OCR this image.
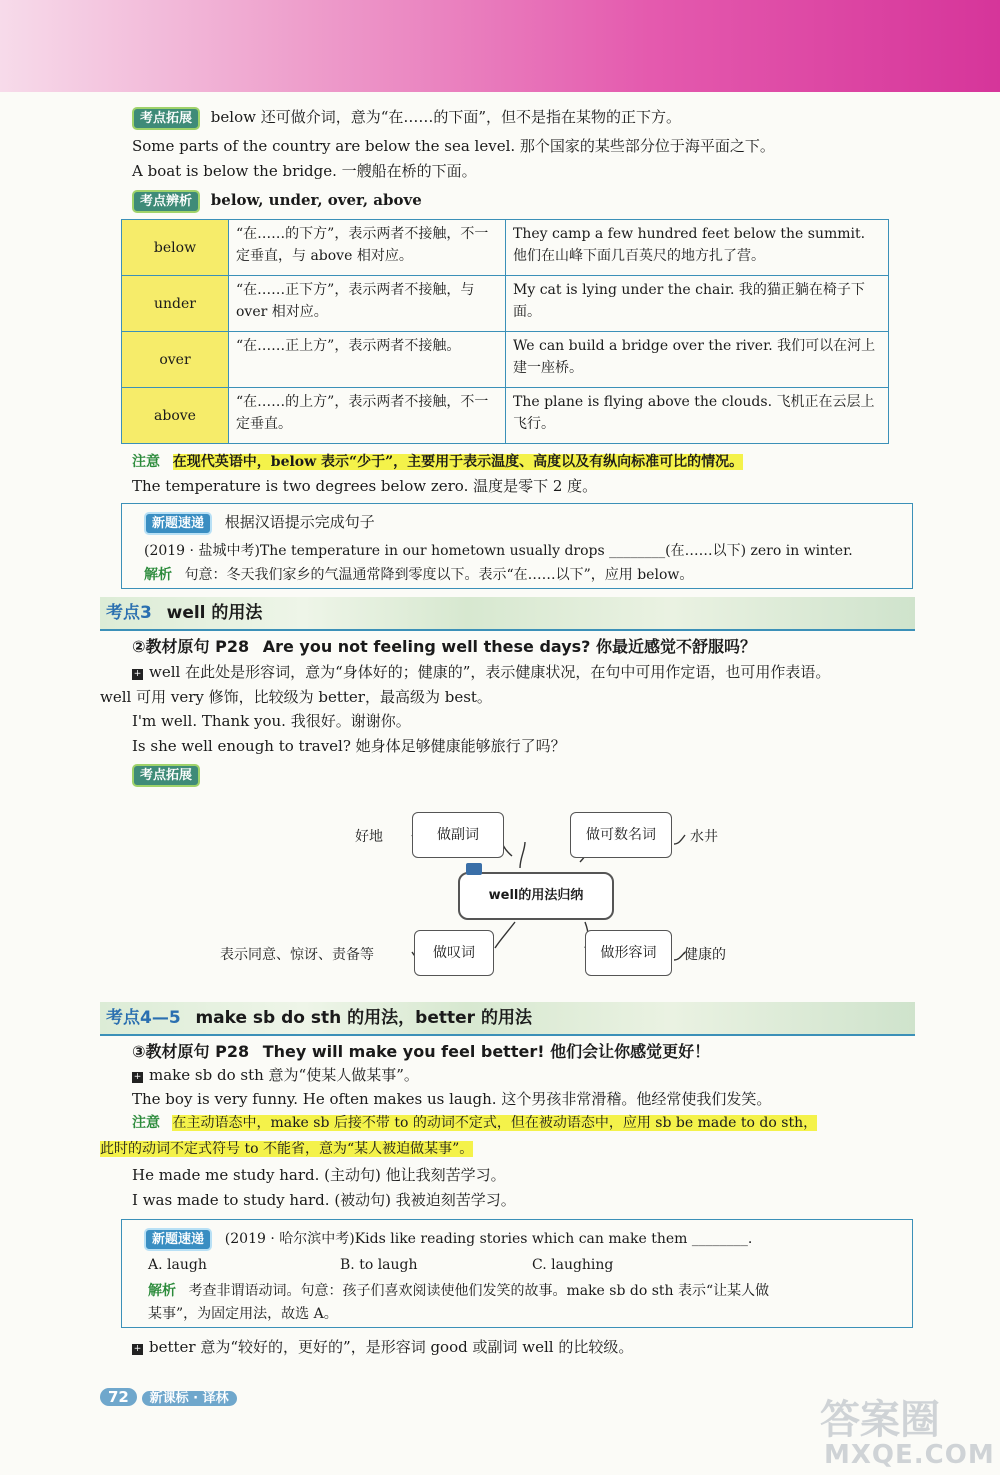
考点拓展 below 还可做介词，意为“在……的下面”，但不是指在某物的正下方。
Some parts of the country are below the sea level. 那个国家的某些部分位于海平面之下。
A boat is below the bridge. 一艘船在桥的下面。
考点辨析 below, under, over, above
below	“在……的下方”，表示两者不接触，不一定垂直，与 above 相对应。	They camp a few hundred feet below the summit. 他们在山峰下面几百英尺的地方扎了营。
under	“在……正下方”，表示两者不接触，与 over 相对应。	My cat is lying under the chair. 我的猫正躺在椅子下面。
over	“在……正上方”，表示两者不接触。	We can build a bridge over the river. 我们可以在河上建一座桥。
above	“在……的上方”，表示两者不接触，不一定垂直。	The plane is flying above the clouds. 飞机正在云层上飞行。
注意 在现代英语中，below 表示“少于”，主要用于表示温度、高度以及有纵向标准可比的情况。
The temperature is two degrees below zero. 温度是零下 2 度。
新题速递 根据汉语提示完成句子
(2019 · 盐城中考)The temperature in our hometown usually drops ________(在……以下) zero in winter.
解析 句意：冬天我们家乡的气温通常降到零度以下。表示“在……以下”，应用 below。
考点3 well 的用法
②教材原句 P28 Are you not feeling well these days? 你最近感觉不舒服吗？
+ well 在此处是形容词，意为“身体好的；健康的”，表示健康状况，在句中可用作定语，也可用作表语。
well 可用 very 修饰，比较级为 better，最高级为 best。
I'm well. Thank you. 我很好。谢谢你。
Is she well enough to travel? 她身体足够健康能够旅行了吗？
考点拓展
做副词
好地	做可数名词	水井
well的用法归纳
做叹词
表示同意、惊讶、责备等	做形容词	健康的
考点4—5 make sb do sth 的用法，better 的用法
③教材原句 P28 They will make you feel better! 他们会让你感觉更好！
+ make sb do sth 意为“使某人做某事”。
The boy is very funny. He often makes us laugh. 这个男孩非常滑稽。他经常使我们发笑。
注意 在主动语态中，make sb 后接不带 to 的动词不定式，但在被动语态中，应用 sb be made to do sth，
此时的动词不定式符号 to 不能省，意为“某人被迫做某事”。
He made me study hard. (主动句) 他让我刻苦学习。
I was made to study hard. (被动句) 我被迫刻苦学习。
新题速递 (2019 · 哈尔滨中考)Kids like reading stories which can make them ________.
A. laugh	B. to laugh	C. laughing
解析 考查非谓语动词。句意：孩子们喜欢阅读使他们发笑的故事。make sb do sth 表示“让某人做
某事”，为固定用法，故选 A。
+ better 意为“较好的，更好的”，是形容词 good 或副词 well 的比较级。
72 新课标 · 译林	答案圈
MXQE.COM
